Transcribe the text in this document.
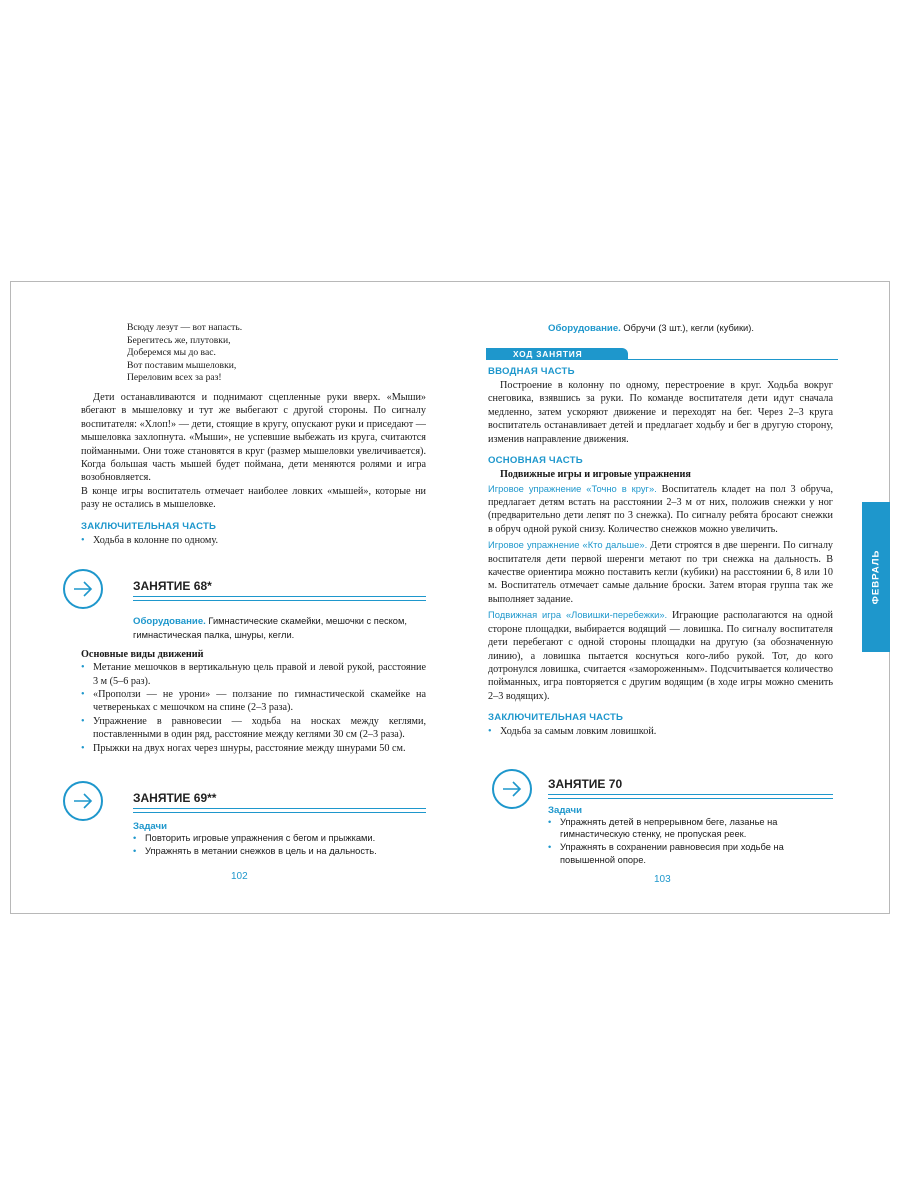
Всюду лезут — вот напасть.

Берегитесь же, плутовки,

Доберемся мы до вас.

Вот поставим мышеловки,

Переловим всех за раз!

Дети останавливаются и поднимают сцепленные руки вверх. «Мыши» вбегают в мышеловку и тут же выбегают с другой стороны. По сигналу воспитателя: «Хлоп!» — дети, стоящие в кругу, опускают руки и приседают — мышеловка захлопнута. «Мыши», не успевшие выбежать из круга, считаются пойманными. Они тоже становятся в круг (размер мышеловки увеличивается). Когда большая часть мышей будет поймана, дети меняются ролями и игра возобновляется.

В конце игры воспитатель отмечает наиболее ловких «мышей», которые ни разу не остались в мышеловке.

ЗАКЛЮЧИТЕЛЬНАЯ ЧАСТЬ
• Ходьба в колонне по одному.
ЗАНЯТИЕ 68*

Оборудование. Гимнастические скамейки, мешочки с песком, гимнастическая палка, шнуры, кегли.

Основные виды движений

• Метание мешочков в вертикальную цель правой и левой рукой, расстояние 3 м (5–6 раз).
• «Проползи — не урони» — ползание по гимнастической скамейке на четвереньках с мешочком на спине (2–3 раза).
• Упражнение в равновесии — ходьба на носках между кеглями, поставленными в один ряд, расстояние между кеглями 30 см (2–3 раза).
• Прыжки на двух ногах через шнуры, расстояние между шнурами 50 см.
ЗАНЯТИЕ 69**
Задачи
• Повторить игровые упражнения с бегом и прыжками.
• Упражнять в метании снежков в цель и на дальность.
102

Оборудование. Обручи (3 шт.), кегли (кубики).

ХОД ЗАНЯТИЯ
ВВОДНАЯ ЧАСТЬ

Построение в колонну по одному, перестроение в круг. Ходьба вокруг снеговика, взявшись за руки. По команде воспитателя дети идут сначала медленно, затем ускоряют движение и переходят на бег. Через 2–3 круга воспитатель останавливает детей и предлагает ходьбу и бег в другую сторону, изменив направление движения.

ОСНОВНАЯ ЧАСТЬ

Подвижные игры и игровые упражнения

Игровое упражнение «Точно в круг». Воспитатель кладет на пол 3 обруча, предлагает детям встать на расстоянии 2–3 м от них, положив снежки у ног (предварительно дети лепят по 3 снежка). По сигналу ребята бросают снежки в обруч одной рукой снизу. Количество снежков можно увеличить.

Игровое упражнение «Кто дальше». Дети строятся в две шеренги. По сигналу воспитателя дети первой шеренги метают по три снежка на дальность. В качестве ориентира можно поставить кегли (кубики) на расстоянии 6, 8 или 10 м. Воспитатель отмечает самые дальние броски. Затем вторая группа так же выполняет задание.

Подвижная игра «Ловишки-перебежки». Играющие располагаются на одной стороне площадки, выбирается водящий — ловишка. По сигналу воспитателя дети перебегают с одной стороны площадки на другую (за обозначенную линию), а ловишка пытается коснуться кого-либо рукой. Тот, до кого дотронулся ловишка, считается «замороженным». Подсчитывается количество пойманных, игра повторяется с другим водящим (в ходе игры можно сменить 2–3 водящих).

ЗАКЛЮЧИТЕЛЬНАЯ ЧАСТЬ
• Ходьба за самым ловким ловишкой.
ЗАНЯТИЕ 70
Задачи
• Упражнять детей в непрерывном беге, лазанье на гимнастическую стенку, не пропуская реек.
• Упражнять в сохранении равновесия при ходьбе на повышенной опоре.
103
ФЕВРАЛЬ
